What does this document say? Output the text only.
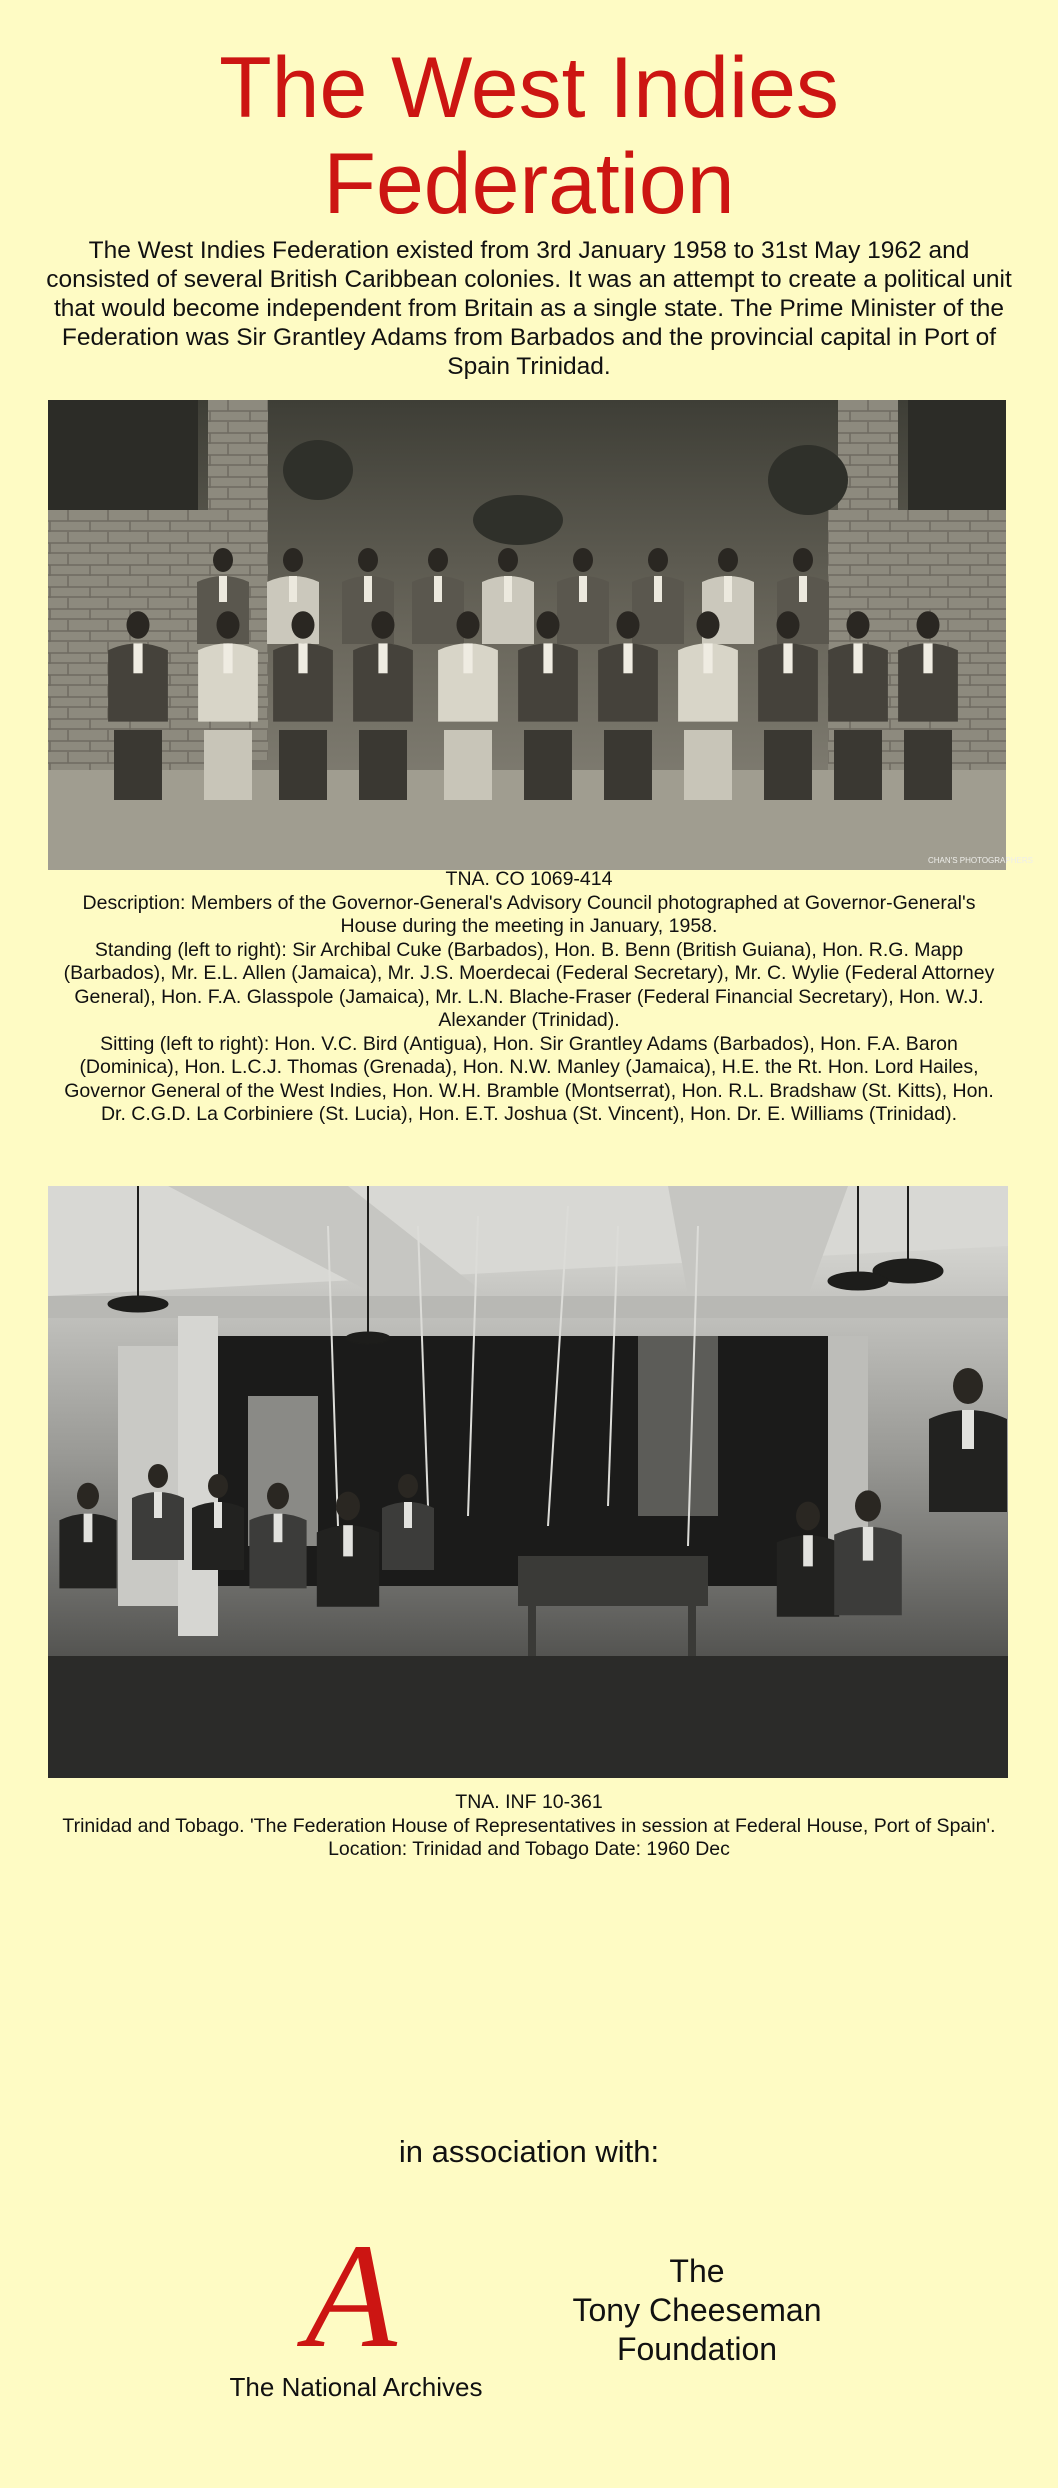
The West Indies
Federation
The West Indies Federation existed from 3rd January 1958 to 31st May 1962 and consisted of several British Caribbean colonies. It was an attempt to create a political unit that would become independent from Britain as a single state. The Prime Minister of the Federation was Sir Grantley Adams from Barbados and the provincial capital in Port of Spain Trinidad.
CHAN'S PHOTOGRAPHERS
TNA. CO 1069-414
Description: Members of the Governor-General's Advisory Council photographed at Governor-General's House during the meeting in January, 1958.
Standing (left to right): Sir Archibal Cuke (Barbados), Hon. B. Benn (British Guiana), Hon. R.G. Mapp (Barbados), Mr. E.L. Allen (Jamaica), Mr. J.S. Moerdecai (Federal Secretary), Mr. C. Wylie (Federal Attorney General), Hon. F.A. Glasspole (Jamaica), Mr. L.N. Blache-Fraser (Federal Financial Secretary), Hon. W.J. Alexander (Trinidad).
Sitting (left to right): Hon. V.C. Bird (Antigua), Hon. Sir Grantley Adams (Barbados), Hon. F.A. Baron (Dominica), Hon. L.C.J. Thomas (Grenada), Hon. N.W. Manley (Jamaica), H.E. the Rt. Hon. Lord Hailes, Governor General of the West Indies, Hon. W.H. Bramble (Montserrat), Hon. R.L. Bradshaw (St. Kitts), Hon. Dr. C.G.D. La Corbiniere (St. Lucia), Hon. E.T. Joshua (St. Vincent), Hon. Dr. E. Williams (Trinidad).
TNA. INF 10-361
Trinidad and Tobago. 'The Federation House of Representatives in session at Federal House, Port of Spain'. Location: Trinidad and Tobago Date: 1960 Dec
in association with:
A
The National Archives
The
Tony Cheeseman
Foundation
